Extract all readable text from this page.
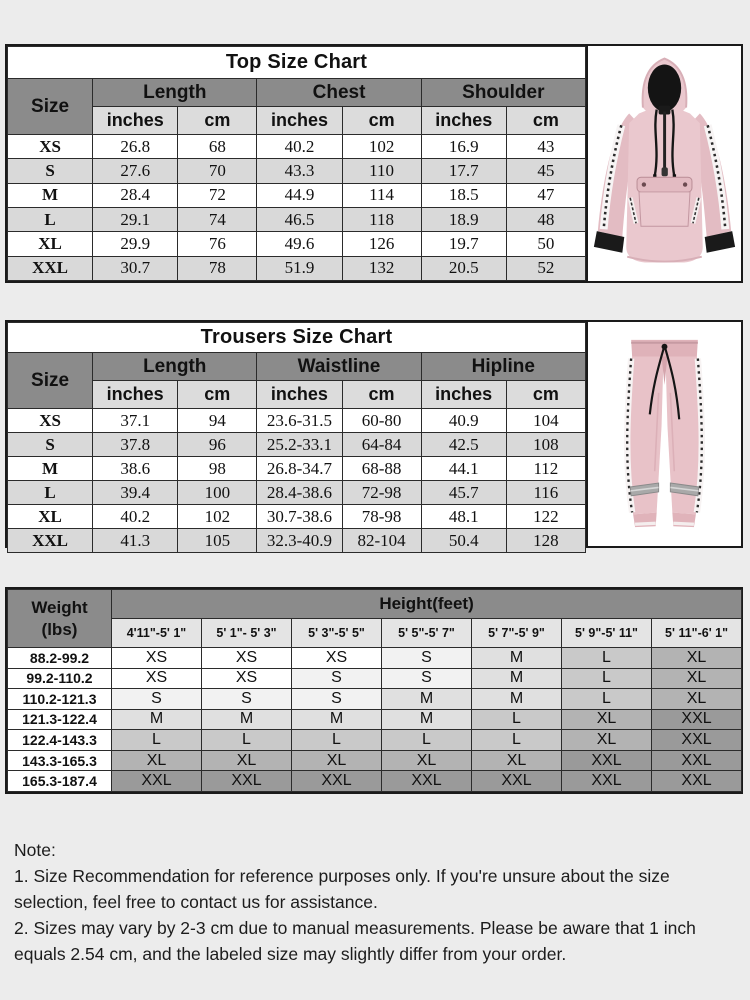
Top Size Chart						
Size	Length		Chest		Shoulder	
	inches	cm	inches	cm	inches	cm
XS	26.8	68	40.2	102	16.9	43
S	27.6	70	43.3	110	17.7	45
M	28.4	72	44.9	114	18.5	47
L	29.1	74	46.5	118	18.9	48
XL	29.9	76	49.6	126	19.7	50
XXL	30.7	78	51.9	132	20.5	52
Trousers Size Chart						
Size	Length		Waistline		Hipline	
	inches	cm	inches	cm	inches	cm
XS	37.1	94	23.6-31.5	60-80	40.9	104
S	37.8	96	25.2-33.1	64-84	42.5	108
M	38.6	98	26.8-34.7	68-88	44.1	112
L	39.4	100	28.4-38.6	72-98	45.7	116
XL	40.2	102	30.7-38.6	78-98	48.1	122
XXL	41.3	105	32.3-40.9	82-104	50.4	128
Weight
(lbs)	Height(feet)						
	4'11"-5' 1"	5' 1"- 5' 3"	5' 3"-5' 5"	5' 5"-5' 7"	5' 7"-5' 9"	5' 9"-5' 11"	5' 11"-6' 1"
88.2-99.2	XS	XS	XS	S	M	L	XL
99.2-110.2	XS	XS	S	S	M	L	XL
110.2-121.3	S	S	S	M	M	L	XL
121.3-122.4	M	M	M	M	L	XL	XXL
122.4-143.3	L	L	L	L	L	XL	XXL
143.3-165.3	XL	XL	XL	XL	XL	XXL	XXL
165.3-187.4	XXL	XXL	XXL	XXL	XXL	XXL	XXL

Note:

1. Size Recommendation for reference purposes only. If you're unsure about the size selection, feel free to contact us for assistance.

2. Sizes may vary by 2-3 cm due to manual measurements. Please be aware that 1 inch equals 2.54 cm, and the labeled size may slightly differ from your order.
